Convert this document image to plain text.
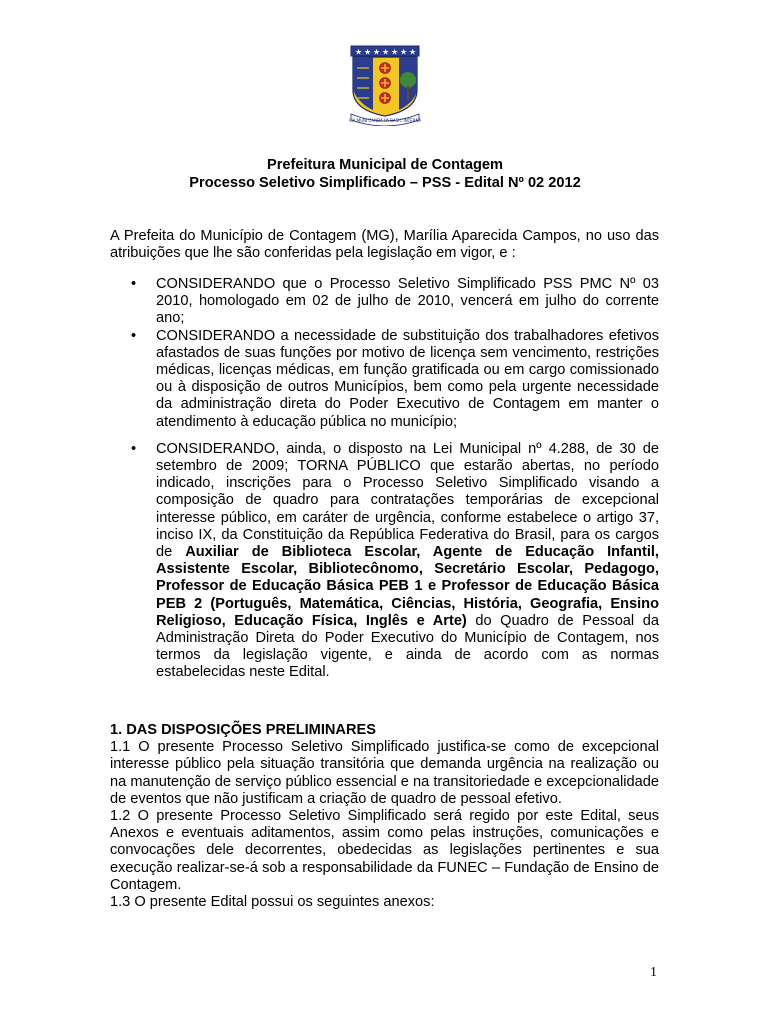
★ ★ ★ ★ ★ ★ ★
VIA MUNI CANDA PA BASIC INTERNA
Prefeitura Municipal de Contagem
Processo Seletivo Simplificado – PSS - Edital Nº 02 2012
A Prefeita do Município de Contagem (MG), Marília Aparecida Campos, no uso das atribuições que lhe são conferidas pela legislação em vigor, e :
• CONSIDERANDO que o Processo Seletivo Simplificado PSS PMC Nº 03 2010, homologado em 02 de julho de 2010, vencerá em julho do corrente ano;
• CONSIDERANDO a necessidade de substituição dos trabalhadores efetivos afastados de suas funções por motivo de licença sem vencimento, restrições médicas, licenças médicas, em função gratificada ou em cargo comissionado ou à disposição de outros Municípios, bem como pela urgente necessidade da administração direta do Poder Executivo de Contagem em manter o atendimento à educação pública no município;
• CONSIDERANDO, ainda, o disposto na Lei Municipal nº 4.288, de 30 de setembro de 2009; TORNA PÚBLICO que estarão abertas, no período indicado, inscrições para o Processo Seletivo Simplificado visando a composição de quadro para contratações temporárias de excepcional interesse público, em caráter de urgência, conforme estabelece o artigo 37, inciso IX, da Constituição da República Federativa do Brasil, para os cargos de Auxiliar de Biblioteca Escolar, Agente de Educação Infantil, Assistente Escolar, Bibliotecônomo, Secretário Escolar, Pedagogo, Professor de Educação Básica PEB 1 e Professor de Educação Básica PEB 2 (Português, Matemática, Ciências, História, Geografia, Ensino Religioso, Educação Física, Inglês e Arte) do Quadro de Pessoal da Administração Direta do Poder Executivo do Município de Contagem, nos termos da legislação vigente, e ainda de acordo com as normas estabelecidas neste Edital.
1. DAS DISPOSIÇÕES PRELIMINARES
1.1 O presente Processo Seletivo Simplificado justifica-se como de excepcional interesse público pela situação transitória que demanda urgência na realização ou na manutenção de serviço público essencial e na transitoriedade e excepcionalidade de eventos que não justificam a criação de quadro de pessoal efetivo.
1.2 O presente Processo Seletivo Simplificado será regido por este Edital, seus Anexos e eventuais aditamentos, assim como pelas instruções, comunicações e convocações dele decorrentes, obedecidas as legislações pertinentes e sua execução realizar-se-á sob a responsabilidade da FUNEC – Fundação de Ensino de Contagem.
1.3 O presente Edital possui os seguintes anexos:
1
